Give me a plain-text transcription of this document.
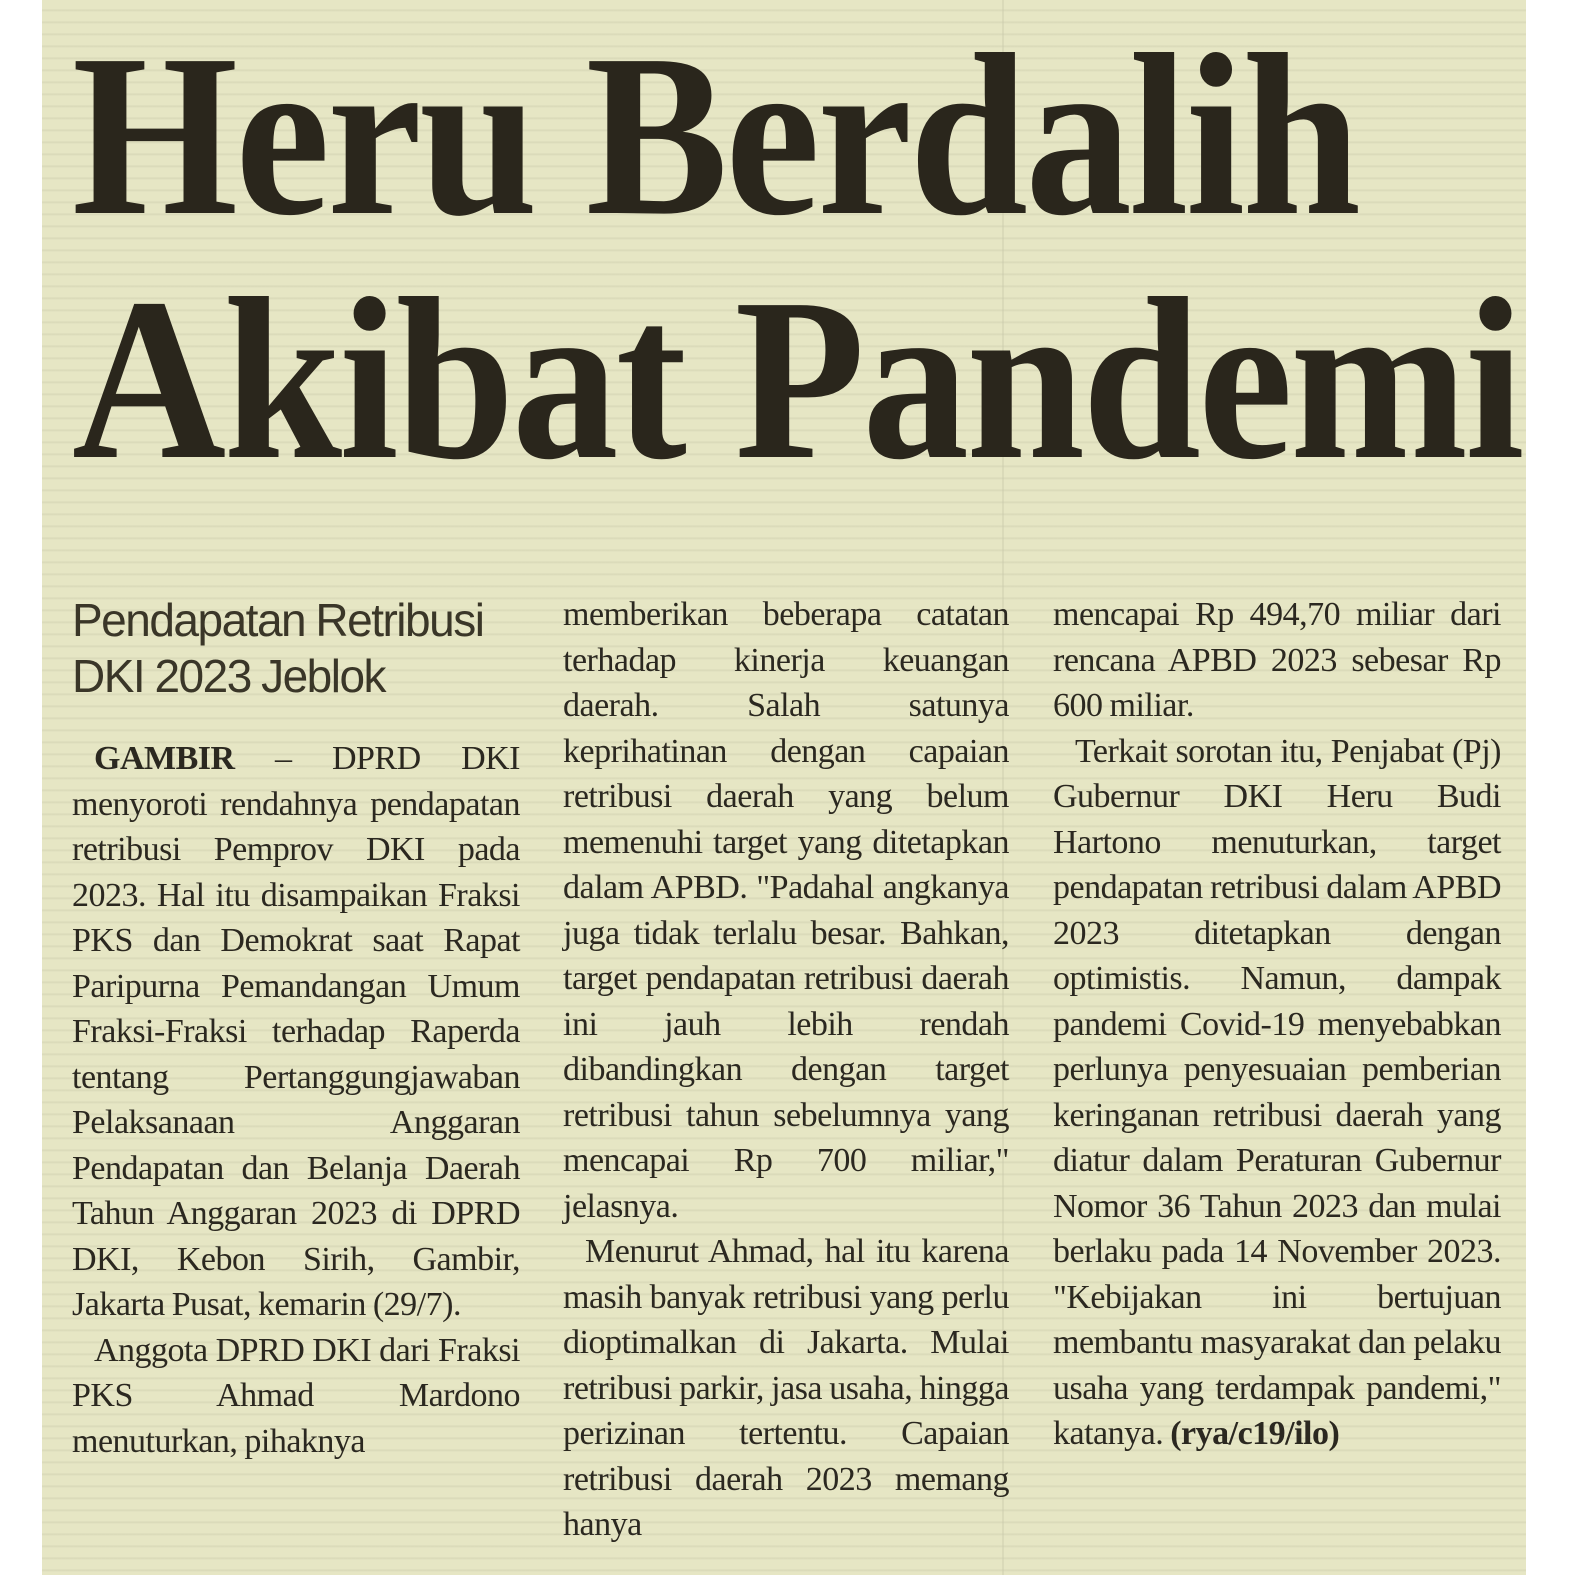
Heru Berdalih
Akibat Pandemi
Pendapatan Retribusi
DKI 2023 Jeblok

GAMBIR – DPRD DKI menyoroti rendahnya pendapatan retribusi Pemprov DKI pada 2023. Hal itu disampaikan Fraksi PKS dan Demokrat saat Rapat Paripurna Pemandangan Umum Fraksi-Fraksi terhadap Raperda tentang Pertanggungjawaban Pelaksanaan Anggaran Pendapatan dan Belanja Daerah Tahun Anggaran 2023 di DPRD DKI, Kebon Sirih, Gambir, Jakarta Pusat, kemarin (29/7).

Anggota DPRD DKI dari Fraksi PKS Ahmad Mardono menuturkan, pihaknya

memberikan beberapa catatan terhadap kinerja keuangan daerah. Salah satunya keprihatinan dengan capaian retribusi daerah yang belum memenuhi target yang ditetapkan dalam APBD. "Padahal angkanya juga tidak terlalu besar. Bahkan, target pendapatan retribusi daerah ini jauh lebih rendah dibandingkan dengan target retribusi tahun sebelumnya yang mencapai Rp 700 miliar," jelasnya.

Menurut Ahmad, hal itu karena masih banyak retribusi yang perlu dioptimalkan di Jakarta. Mulai retribusi parkir, jasa usaha, hingga perizinan tertentu. Capaian retribusi daerah 2023 memang hanya

mencapai Rp 494,70 miliar dari rencana APBD 2023 sebesar Rp 600 miliar.

Terkait sorotan itu, Penjabat (Pj) Gubernur DKI Heru Budi Hartono menuturkan, target pendapatan retribusi dalam APBD 2023 ditetapkan dengan optimistis. Namun, dampak pandemi Covid-19 menyebabkan perlunya penyesuaian pemberian keringanan retribusi daerah yang diatur dalam Peraturan Gubernur Nomor 36 Tahun 2023 dan mulai berlaku pada 14 November 2023. "Kebijakan ini bertujuan membantu masyarakat dan pelaku usaha yang terdampak pandemi," katanya. (rya/c19/ilo)
